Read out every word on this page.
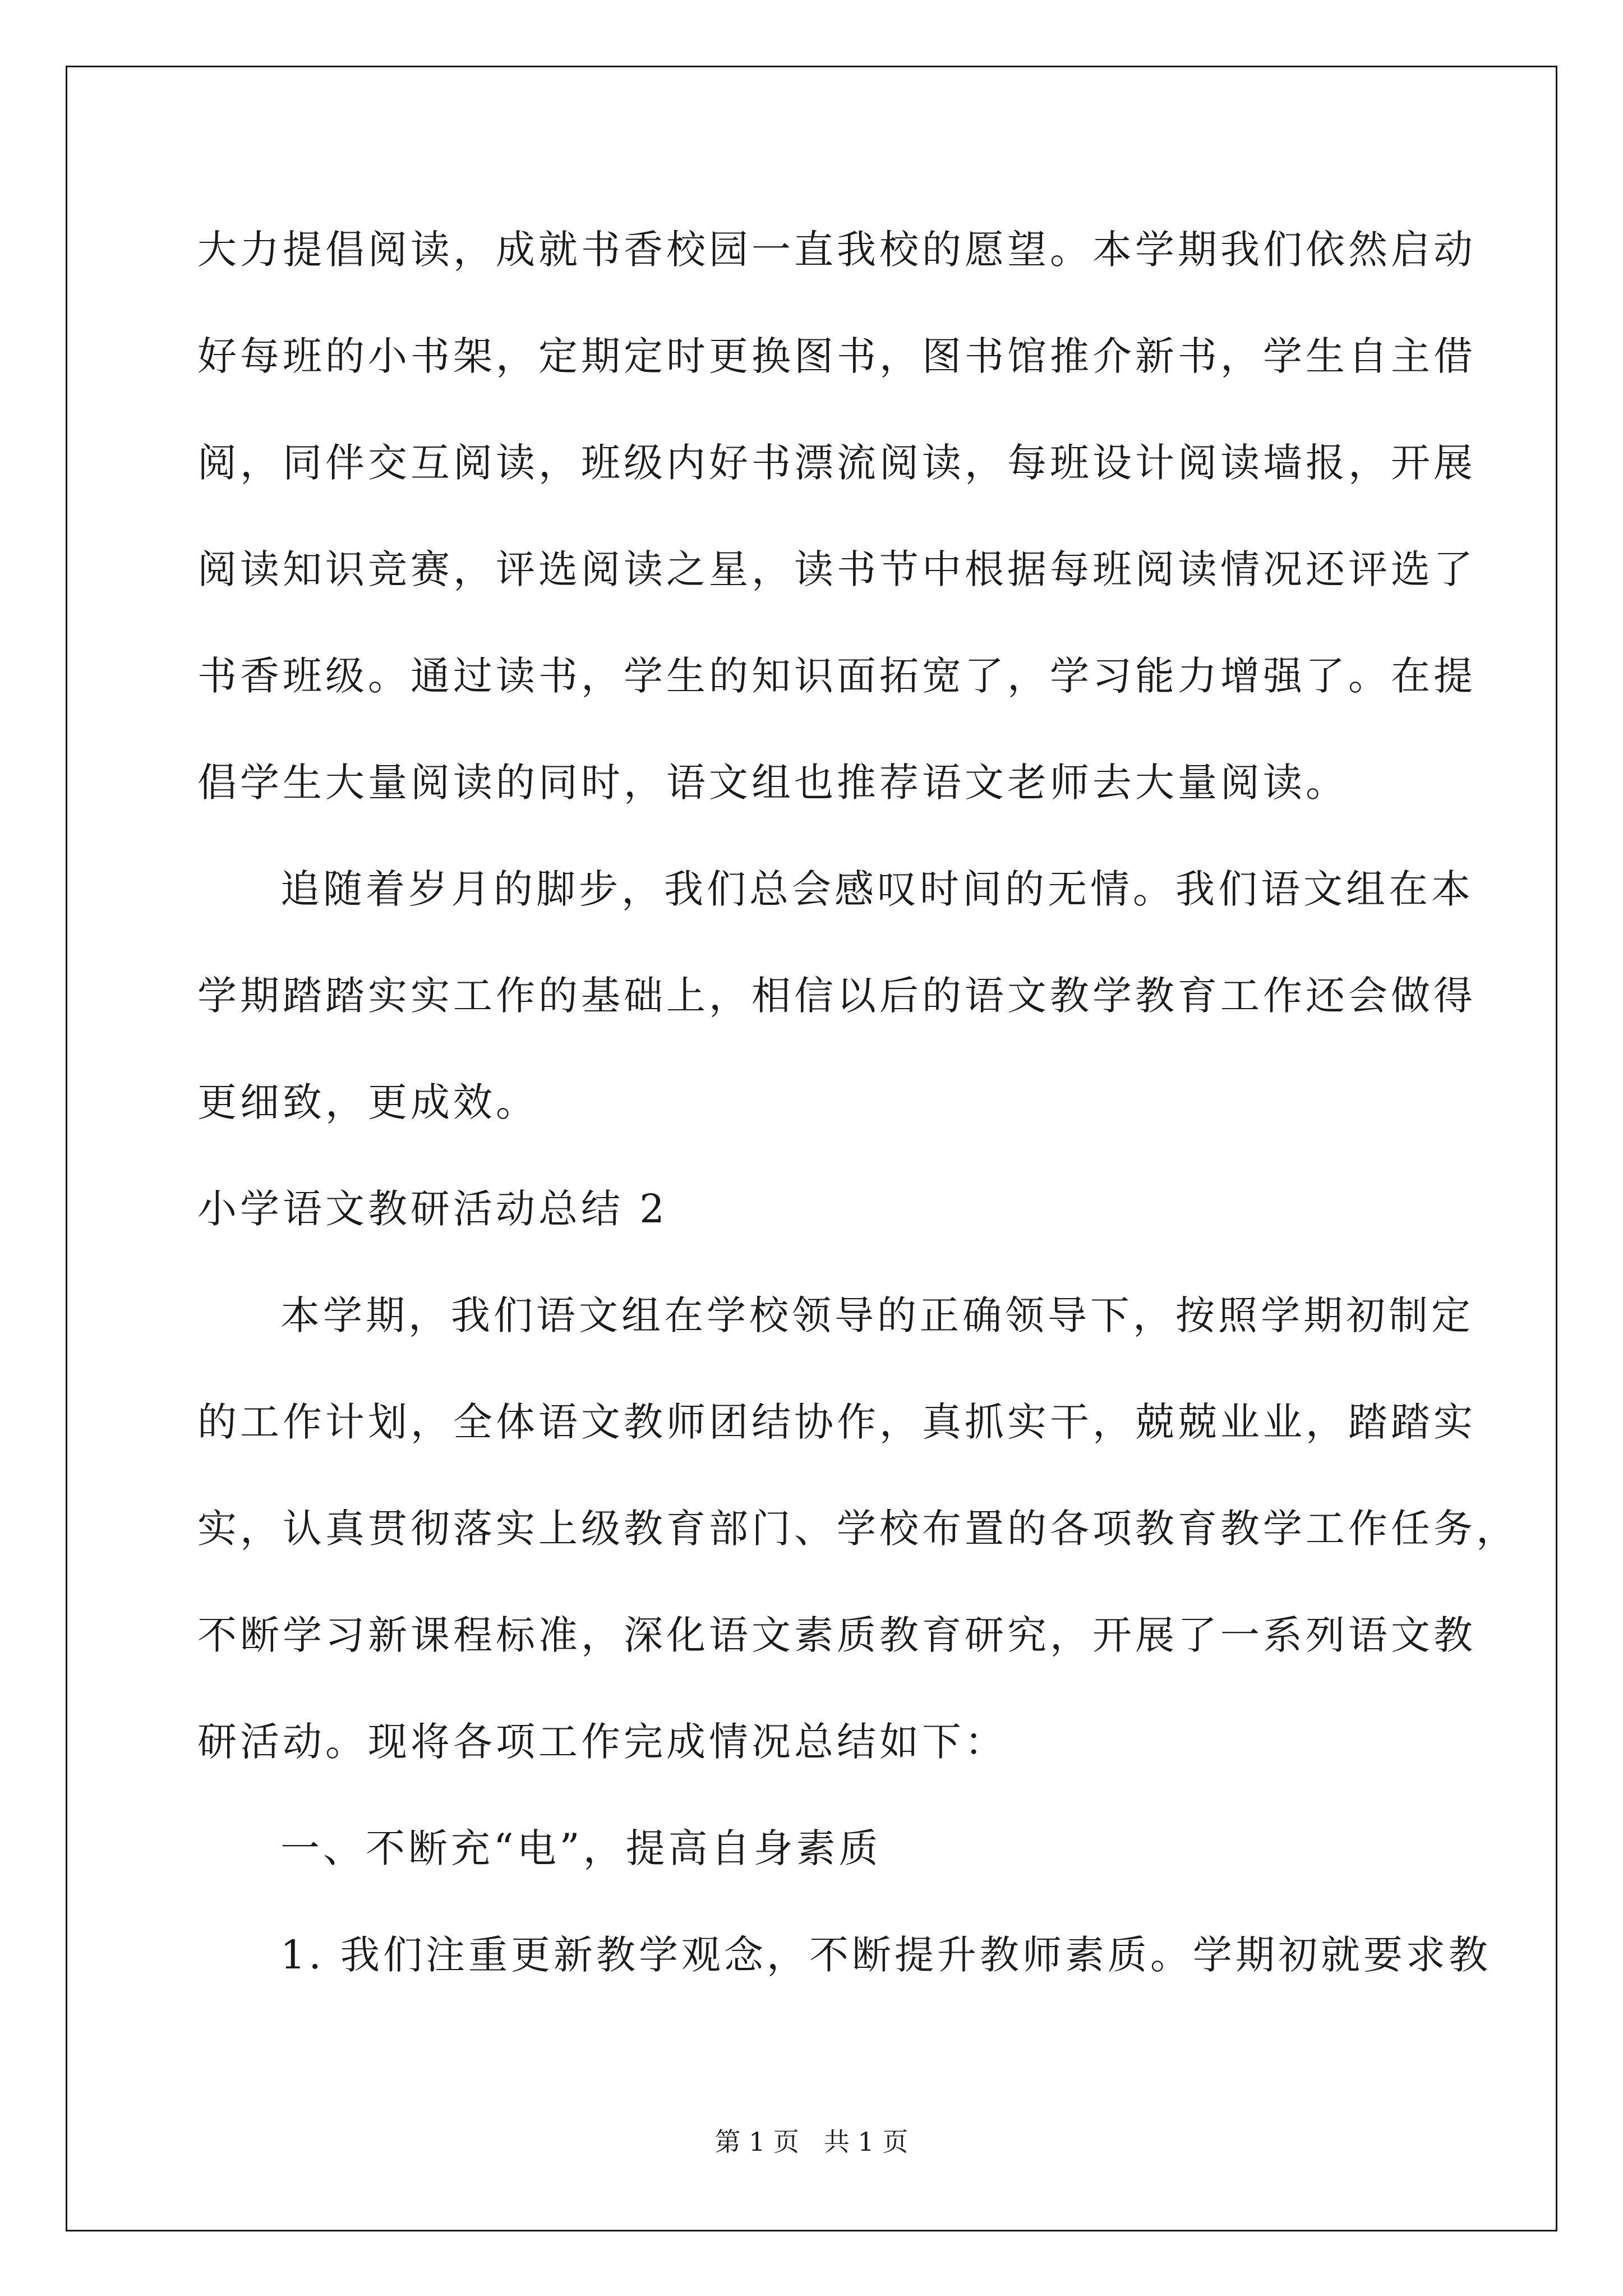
大力提倡阅读，成就书香校园一直我校的愿望。本学期我们依然启动
好每班的小书架，定期定时更换图书，图书馆推介新书，学生自主借
阅，同伴交互阅读，班级内好书漂流阅读，每班设计阅读墙报，开展
阅读知识竞赛，评选阅读之星，读书节中根据每班阅读情况还评选了
书香班级。通过读书，学生的知识面拓宽了，学习能力增强了。在提
倡学生大量阅读的同时，语文组也推荐语文老师去大量阅读。
追随着岁月的脚步，我们总会感叹时间的无情。我们语文组在本
学期踏踏实实工作的基础上，相信以后的语文教学教育工作还会做得
更细致，更成效。
小学语文教研活动总结 2
本学期，我们语文组在学校领导的正确领导下，按照学期初制定
的工作计划，全体语文教师团结协作，真抓实干，兢兢业业，踏踏实
实，认真贯彻落实上级教育部门、学校布置的各项教育教学工作任务，
不断学习新课程标准，深化语文素质教育研究，开展了一系列语文教
研活动。现将各项工作完成情况总结如下：
一、不断充“电”，提高自身素质
1. 我们注重更新教学观念，不断提升教师素质。学期初就要求教
第 1 页   共 1 页
